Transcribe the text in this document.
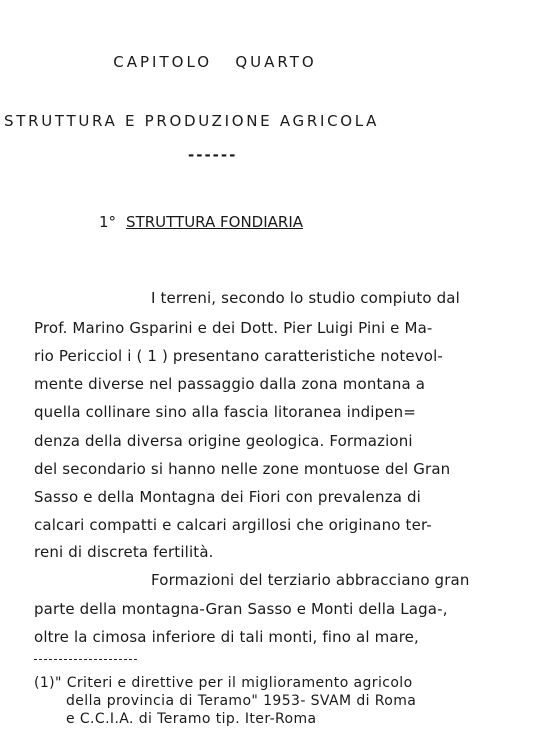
CAPITOLO   QUARTO
STRUTTURA E PRODUZIONE AGRICOLA
------
1° STRUTTURA FONDIARIA
I terreni, secondo lo studio compiuto dal
Prof. Marino Gsparini e dei Dott. Pier Luigi Pini e Ma-
rio Pericciol i ( 1 ) presentano caratteristiche notevol-
mente diverse nel passaggio dalla zona montana a
quella collinare sino alla fascia litoranea indipen=
denza della diversa origine geologica. Formazioni
del secondario si hanno nelle zone montuose del Gran
Sasso e della Montagna dei Fiori con prevalenza di
calcari compatti e calcari argillosi che originano ter-
reni di discreta fertilità.
Formazioni del terziario abbracciano gran
parte della montagna-Gran Sasso e Monti della Laga-,
oltre la cimosa inferiore di tali monti, fino al mare,
(1)" Criteri e direttive per il miglioramento agricolo
della provincia di Teramo" 1953- SVAM di Roma
e C.C.I.A. di Teramo tip. Iter-Roma
